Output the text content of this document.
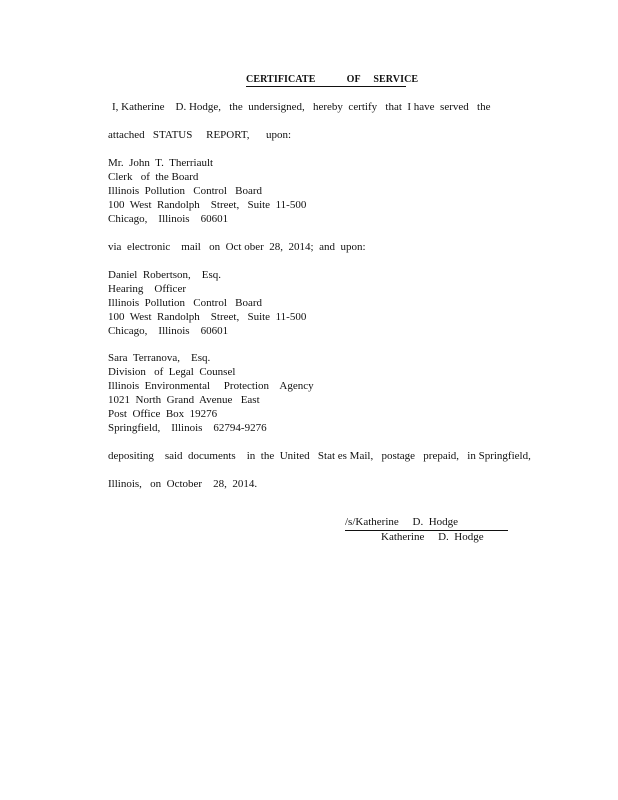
CERTIFICATE            OF     SERVICE
I, Katherine    D. Hodge,   the  undersigned,   hereby  certify   that  I have  served   the
attached   STATUS     REPORT,      upon:
Mr.  John  T.  Therriault
Clerk   of  the Board
Illinois  Pollution   Control   Board
100  West  Randolph    Street,   Suite  11-500
Chicago,    Illinois    60601
via  electronic    mail   on  Oct ober  28,  2014;  and  upon:
Daniel  Robertson,    Esq.
Hearing    Officer
Illinois  Pollution   Control   Board
100  West  Randolph    Street,   Suite  11-500
Chicago,    Illinois    60601
Sara  Terranova,    Esq.
Division   of  Legal  Counsel
Illinois  Environmental     Protection    Agency
1021  North  Grand  Avenue   East
Post  Office  Box  19276
Springfield,    Illinois    62794-9276
depositing    said  documents    in  the  United   Stat es Mail,   postage   prepaid,   in Springfield,
Illinois,   on  October    28,  2014.
/s/Katherine     D.  Hodge
Katherine     D.  Hodge
